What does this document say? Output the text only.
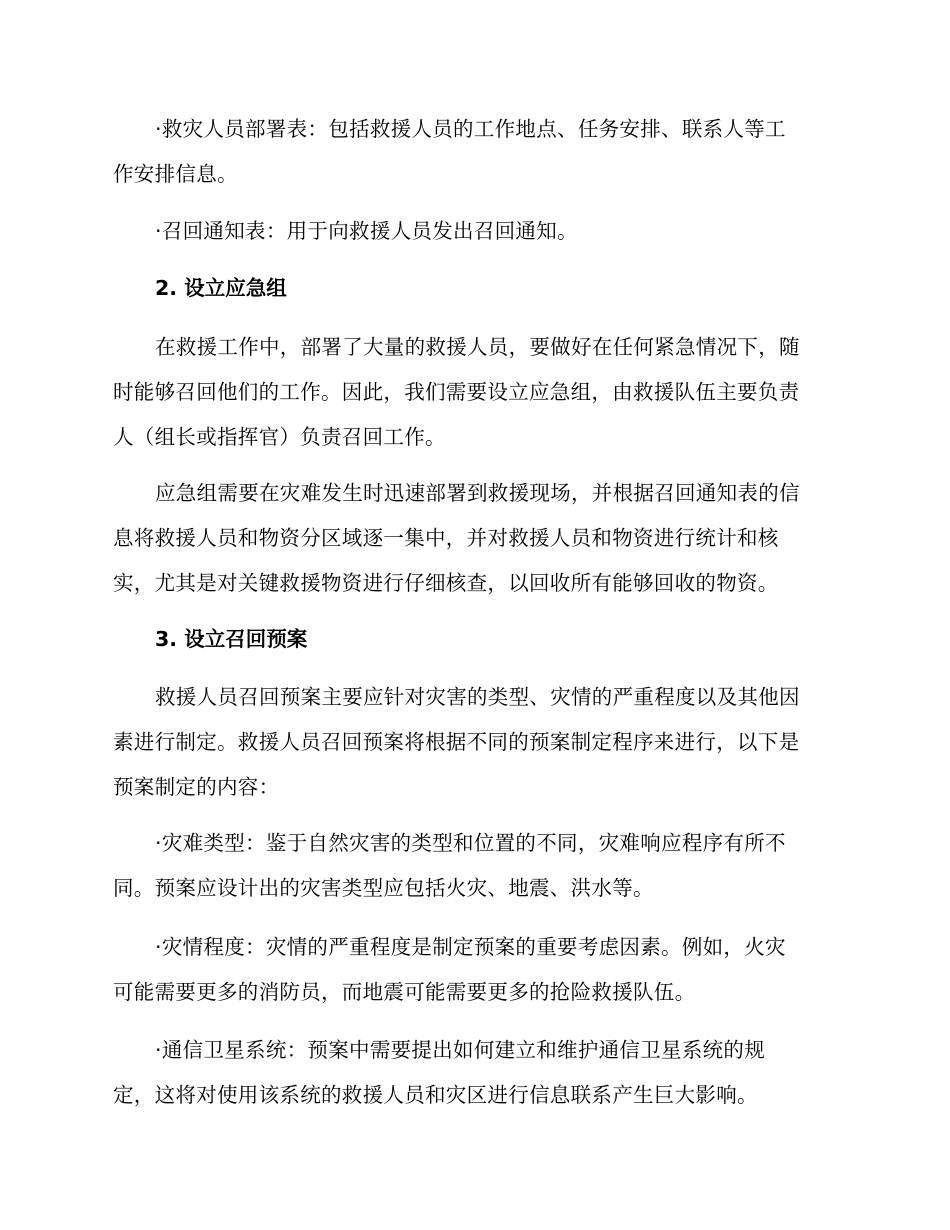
·救灾人员部署表：包括救援人员的工作地点、任务安排、联系人等工
作安排信息。
·召回通知表：用于向救援人员发出召回通知。
2. 设立应急组
在救援工作中，部署了大量的救援人员，要做好在任何紧急情况下，随
时能够召回他们的工作。因此，我们需要设立应急组，由救援队伍主要负责
人（组长或指挥官）负责召回工作。
应急组需要在灾难发生时迅速部署到救援现场，并根据召回通知表的信
息将救援人员和物资分区域逐一集中，并对救援人员和物资进行统计和核
实，尤其是对关键救援物资进行仔细核查，以回收所有能够回收的物资。
3. 设立召回预案
救援人员召回预案主要应针对灾害的类型、灾情的严重程度以及其他因
素进行制定。救援人员召回预案将根据不同的预案制定程序来进行，以下是
预案制定的内容：
·灾难类型：鉴于自然灾害的类型和位置的不同，灾难响应程序有所不
同。预案应设计出的灾害类型应包括火灾、地震、洪水等。
·灾情程度：灾情的严重程度是制定预案的重要考虑因素。例如，火灾
可能需要更多的消防员，而地震可能需要更多的抢险救援队伍。
·通信卫星系统：预案中需要提出如何建立和维护通信卫星系统的规
定，这将对使用该系统的救援人员和灾区进行信息联系产生巨大影响。
